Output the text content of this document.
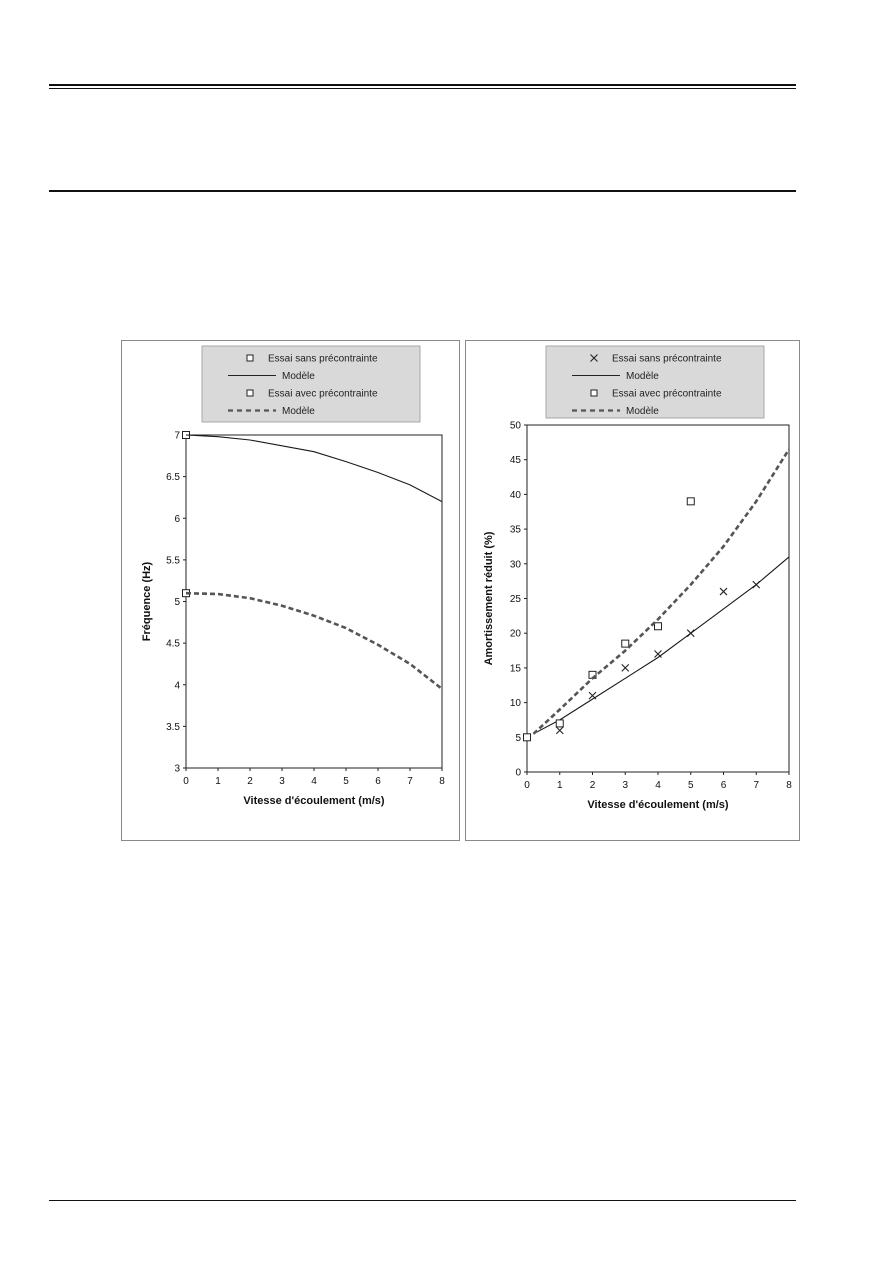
Essai sans précontrainte
Modèle
Essai avec précontrainte
Modèle
3
3.5
4
4.5
5
5.5
6
6.5
7
0	1	2	3	4	5	6	7	8
Vitesse d'écoulement (m/s)
Fréquence (Hz)
Essai sans précontrainte
Modèle
Essai avec précontrainte
Modèle
0
5
10
15
20
25
30
35
40
45
50
0	1	2	3	4	5	6	7	8
Vitesse d'écoulement (m/s)
Amortissement réduit (%)
